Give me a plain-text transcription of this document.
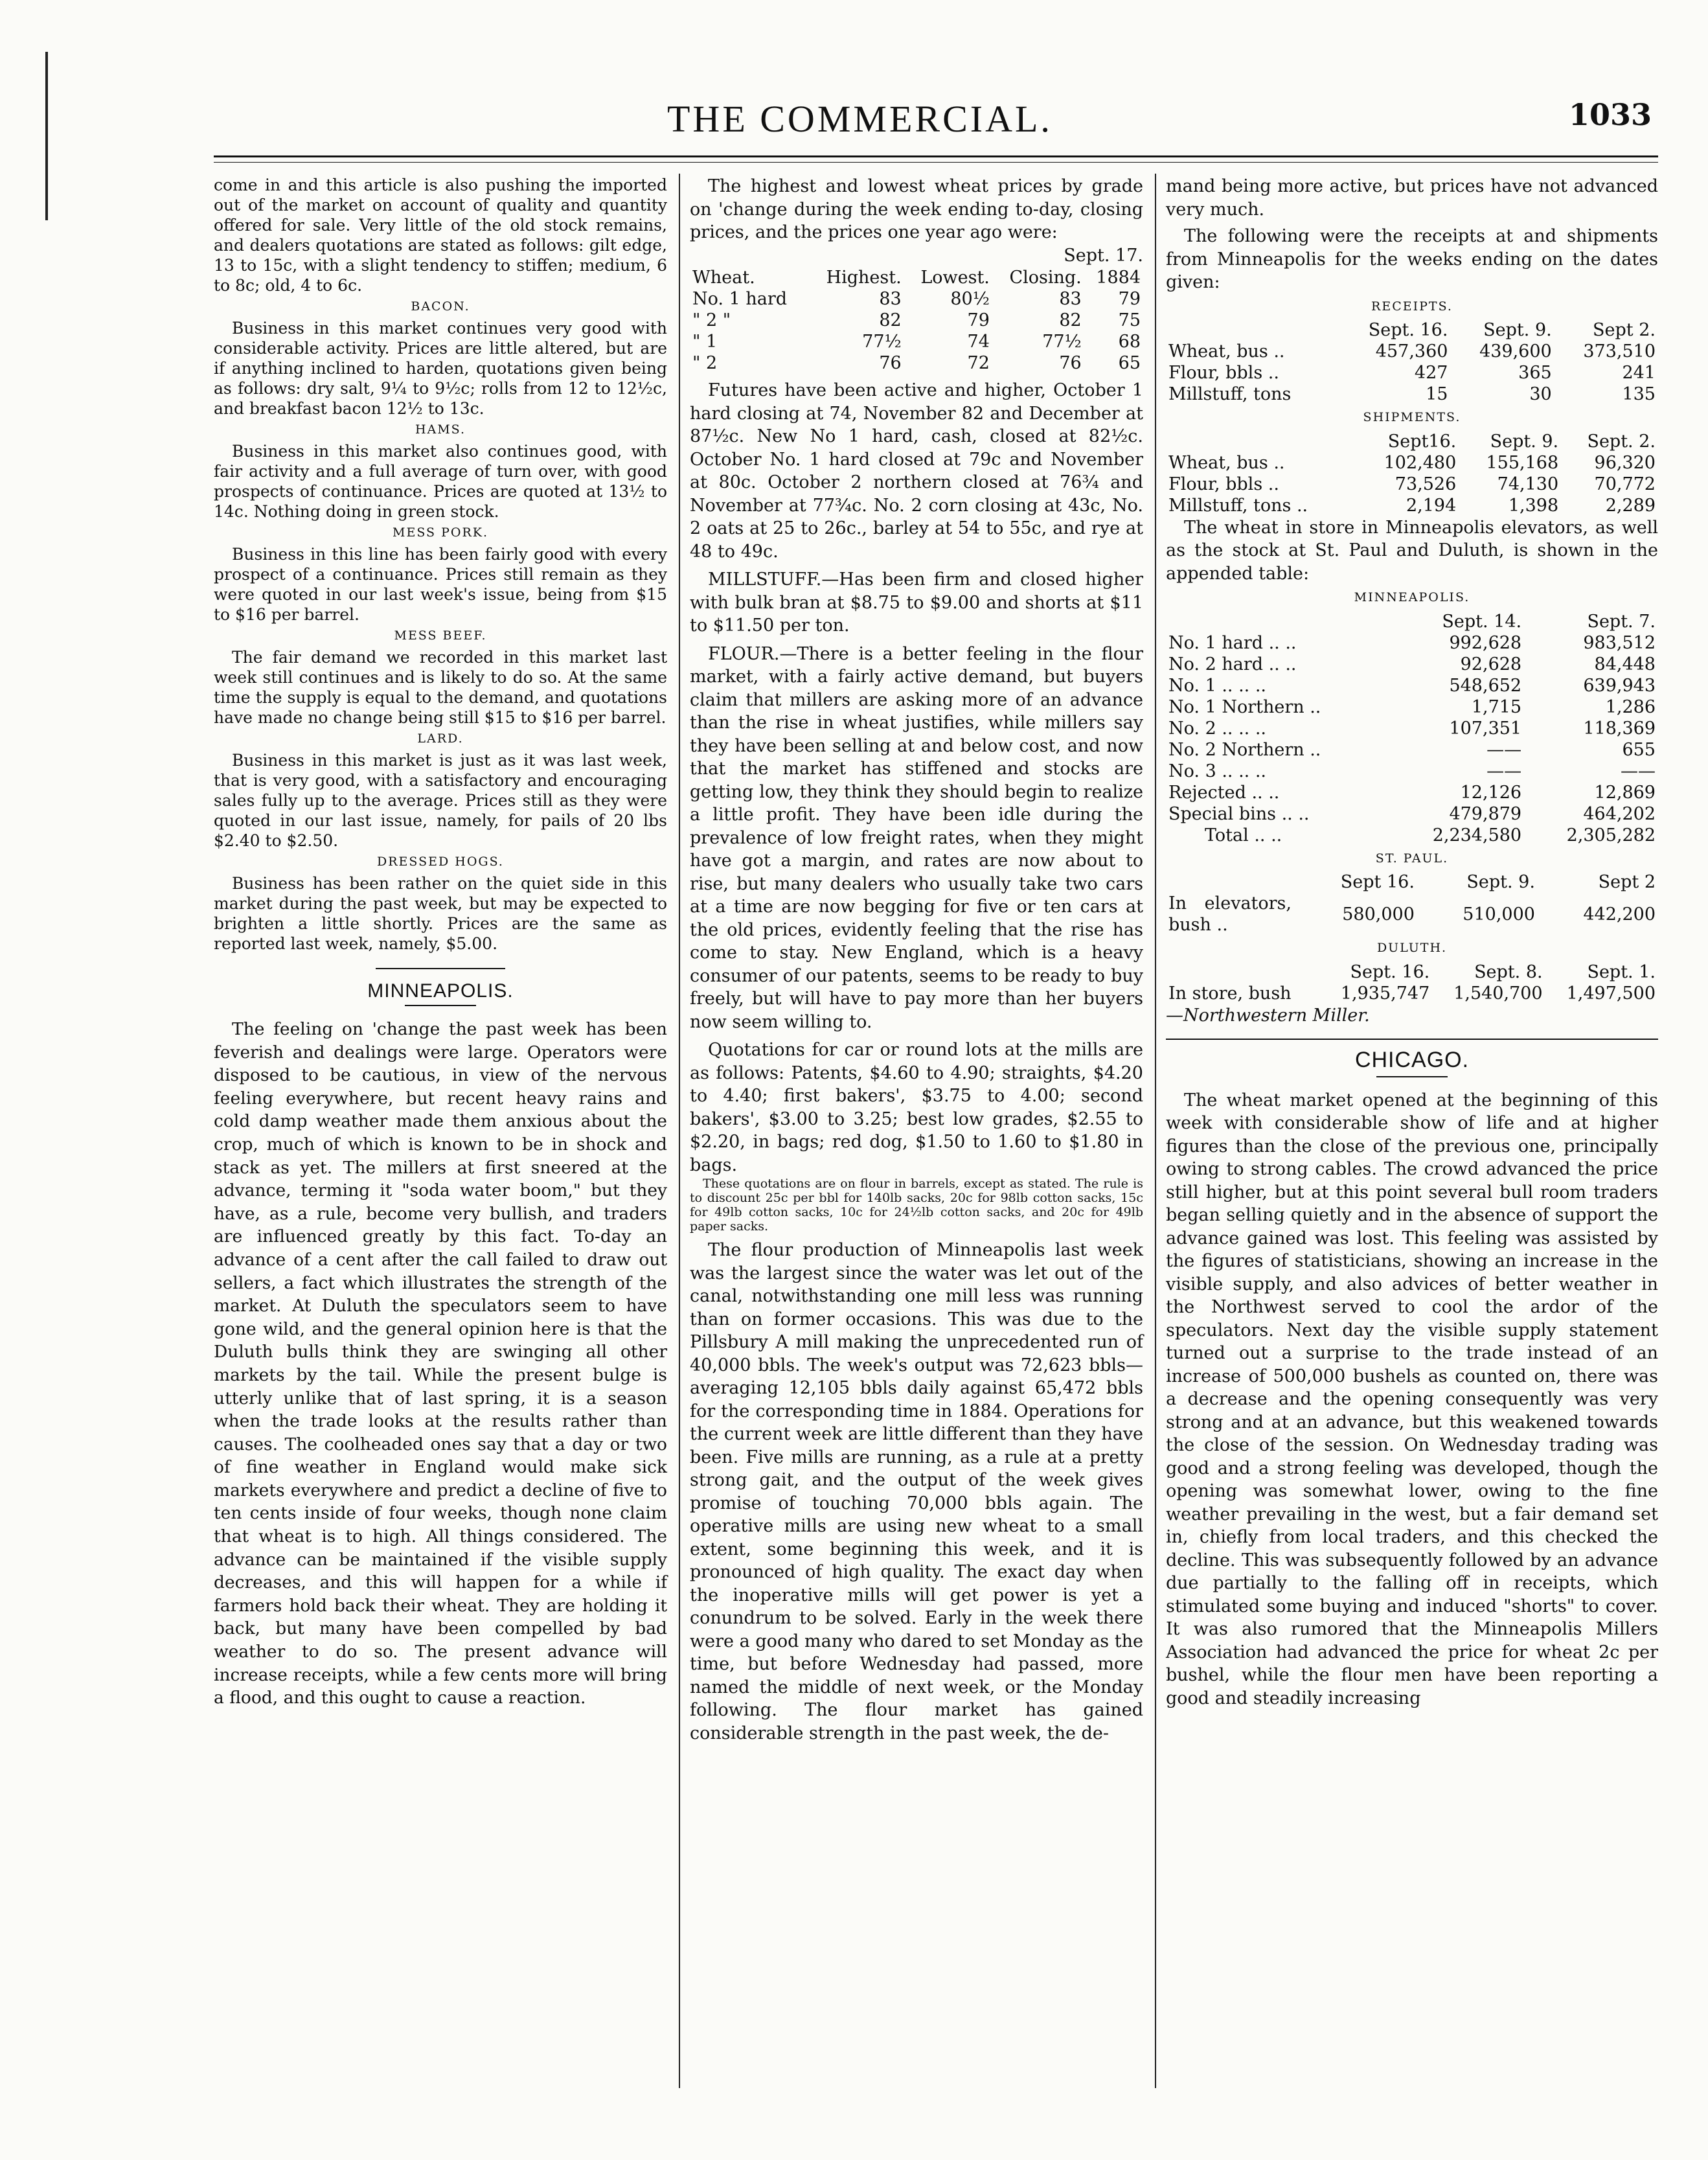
THE COMMERCIAL.	1033

come in and this article is also pushing the imported out of the market on account of quality and quantity offered for sale. Very little of the old stock remains, and dealers quotations are stated as follows: gilt edge, 13 to 15c, with a slight tendency to stiffen; medium, 6 to 8c; old, 4 to 6c.

BACON.

Business in this market continues very good with considerable activity. Prices are little altered, but are if anything inclined to harden, quotations given being as follows: dry salt, 9¼ to 9½c; rolls from 12 to 12½c, and breakfast bacon 12½ to 13c.

HAMS.

Business in this market also continues good, with fair activity and a full average of turn over, with good prospects of continuance. Prices are quoted at 13½ to 14c. Nothing doing in green stock.

MESS PORK.

Business in this line has been fairly good with every prospect of a continuance. Prices still remain as they were quoted in our last week's issue, being from $15 to $16 per barrel.

MESS BEEF.

The fair demand we recorded in this market last week still continues and is likely to do so. At the same time the supply is equal to the demand, and quotations have made no change being still $15 to $16 per barrel.

LARD.

Business in this market is just as it was last week, that is very good, with a satisfactory and encouraging sales fully up to the average. Prices still as they were quoted in our last issue, namely, for pails of 20 lbs $2.40 to $2.50.

DRESSED HOGS.

Business has been rather on the quiet side in this market during the past week, but may be expected to brighten a little shortly. Prices are the same as reported last week, namely, $5.00.

MINNEAPOLIS.

The feeling on 'change the past week has been feverish and dealings were large. Operators were disposed to be cautious, in view of the nervous feeling everywhere, but recent heavy rains and cold damp weather made them anxious about the crop, much of which is known to be in shock and stack as yet. The millers at first sneered at the advance, terming it "soda water boom," but they have, as a rule, become very bullish, and traders are influenced greatly by this fact. To-day an advance of a cent after the call failed to draw out sellers, a fact which illustrates the strength of the market. At Duluth the speculators seem to have gone wild, and the general opinion here is that the Duluth bulls think they are swinging all other markets by the tail. While the present bulge is utterly unlike that of last spring, it is a season when the trade looks at the results rather than causes. The coolheaded ones say that a day or two of fine weather in England would make sick markets everywhere and predict a decline of five to ten cents inside of four weeks, though none claim that wheat is to high. All things considered. The advance can be maintained if the visible supply decreases, and this will happen for a while if farmers hold back their wheat. They are holding it back, but many have been compelled by bad weather to do so. The present advance will increase receipts, while a few cents more will bring a flood, and this ought to cause a reaction.

The highest and lowest wheat prices by grade on 'change during the week ending to-day, closing prices, and the prices one year ago were:

Sept. 17.
Wheat.	Highest.	Lowest.	Closing.	1884
No. 1 hard	83	80½	83	79
" 2 "	82	79	82	75
" 1	77½	74	77½	68
" 2	76	72	76	65

Futures have been active and higher, October 1 hard closing at 74, November 82 and December at 87½c. New No 1 hard, cash, closed at 82½c. October No. 1 hard closed at 79c and November at 80c. October 2 northern closed at 76¾ and November at 77¾c. No. 2 corn closing at 43c, No. 2 oats at 25 to 26c., barley at 54 to 55c, and rye at 48 to 49c.

MILLSTUFF.—Has been firm and closed higher with bulk bran at $8.75 to $9.00 and shorts at $11 to $11.50 per ton.

FLOUR.—There is a better feeling in the flour market, with a fairly active demand, but buyers claim that millers are asking more of an advance than the rise in wheat justifies, while millers say they have been selling at and below cost, and now that the market has stiffened and stocks are getting low, they think they should begin to realize a little profit. They have been idle during the prevalence of low freight rates, when they might have got a margin, and rates are now about to rise, but many dealers who usually take two cars at a time are now begging for five or ten cars at the old prices, evidently feeling that the rise has come to stay. New England, which is a heavy consumer of our patents, seems to be ready to buy freely, but will have to pay more than her buyers now seem willing to.

Quotations for car or round lots at the mills are as follows: Patents, $4.60 to 4.90; straights, $4.20 to 4.40; first bakers', $3.75 to 4.00; second bakers', $3.00 to 3.25; best low grades, $2.55 to $2.20, in bags; red dog, $1.50 to 1.60 to $1.80 in bags.

These quotations are on flour in barrels, except as stated. The rule is to discount 25c per bbl for 140lb sacks, 20c for 98lb cotton sacks, 15c for 49lb cotton sacks, 10c for 24½lb cotton sacks, and 20c for 49lb paper sacks.

The flour production of Minneapolis last week was the largest since the water was let out of the canal, notwithstanding one mill less was running than on former occasions. This was due to the Pillsbury A mill making the unprecedented run of 40,000 bbls. The week's output was 72,623 bbls—averaging 12,105 bbls daily against 65,472 bbls for the corresponding time in 1884. Operations for the current week are little different than they have been. Five mills are running, as a rule at a pretty strong gait, and the output of the week gives promise of touching 70,000 bbls again. The operative mills are using new wheat to a small extent, some beginning this week, and it is pronounced of high quality. The exact day when the inoperative mills will get power is yet a conundrum to be solved. Early in the week there were a good many who dared to set Monday as the time, but before Wednesday had passed, more named the middle of next week, or the Monday following. The flour market has gained considerable strength in the past week, the de-

mand being more active, but prices have not advanced very much.

The following were the receipts at and shipments from Minneapolis for the weeks ending on the dates given:

RECEIPTS.
	Sept. 16.	Sept. 9.	Sept 2.
Wheat, bus ..	457,360	439,600	373,510
Flour, bbls ..	427	365	241
Millstuff, tons	15	30	135
SHIPMENTS.
	Sept16.	Sept. 9.	Sept. 2.
Wheat, bus ..	102,480	155,168	96,320
Flour, bbls ..	73,526	74,130	70,772
Millstuff, tons ..	2,194	1,398	2,289

The wheat in store in Minneapolis elevators, as well as the stock at St. Paul and Duluth, is shown in the appended table:

MINNEAPOLIS.
	Sept. 14.	Sept. 7.
No. 1 hard .. ..	992,628	983,512
No. 2 hard .. ..	92,628	84,448
No. 1 .. .. ..	548,652	639,943
No. 1 Northern ..	1,715	1,286
No. 2 .. .. ..	107,351	118,369
No. 2 Northern ..	——	655
No. 3 .. .. ..	——	——
Rejected .. ..	12,126	12,869
Special bins .. ..	479,879	464,202
Total .. ..	2,234,580	2,305,282
ST. PAUL.
	Sept 16.	Sept. 9.	Sept 2
In elevators, bush ..	580,000	510,000	442,200
DULUTH.
	Sept. 16.	Sept. 8.	Sept. 1.
In store, bush	1,935,747	1,540,700	1,497,500

—Northwestern Miller.

CHICAGO.

The wheat market opened at the beginning of this week with considerable show of life and at higher figures than the close of the previous one, principally owing to strong cables. The crowd advanced the price still higher, but at this point several bull room traders began selling quietly and in the absence of support the advance gained was lost. This feeling was assisted by the figures of statisticians, showing an increase in the visible supply, and also advices of better weather in the Northwest served to cool the ardor of the speculators. Next day the visible supply statement turned out a surprise to the trade instead of an increase of 500,000 bushels as counted on, there was a decrease and the opening consequently was very strong and at an advance, but this weakened towards the close of the session. On Wednesday trading was good and a strong feeling was developed, though the opening was somewhat lower, owing to the fine weather prevailing in the west, but a fair demand set in, chiefly from local traders, and this checked the decline. This was subsequently followed by an advance due partially to the falling off in receipts, which stimulated some buying and induced "shorts" to cover. It was also rumored that the Minneapolis Millers Association had advanced the price for wheat 2c per bushel, while the flour men have been reporting a good and steadily increasing
